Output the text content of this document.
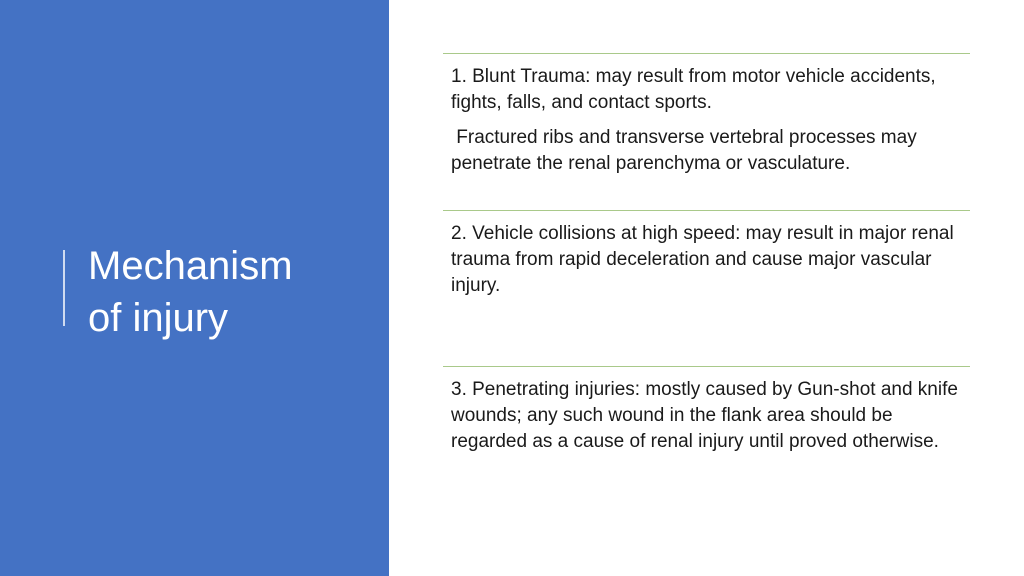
Mechanism
of injury

1. Blunt Trauma: may result from motor vehicle accidents, fights, falls, and contact sports.

Fractured ribs and transverse vertebral processes may penetrate the renal parenchyma or vasculature.

2. Vehicle collisions at high speed: may result in major renal trauma from rapid deceleration and cause major vascular injury.

3. Penetrating injuries: mostly caused by Gun-shot and knife wounds; any such wound in the flank area should be regarded as a cause of renal injury until proved otherwise.
